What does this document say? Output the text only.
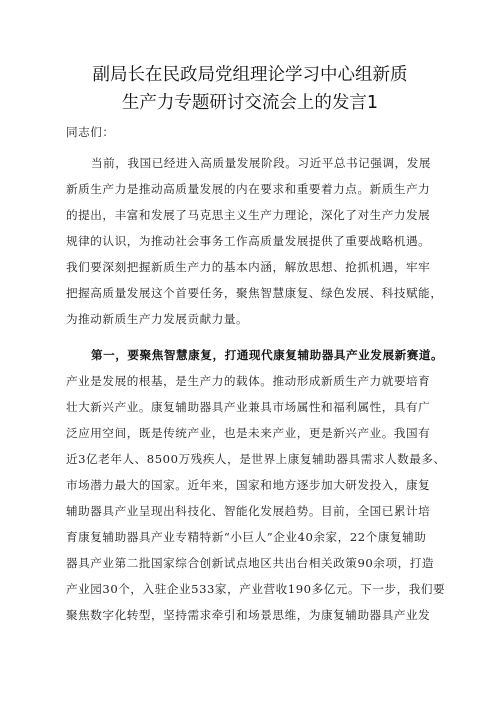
副局长在民政局党组理论学习中心组新质
生产力专题研讨交流会上的发言1
同志们：
当前，我国已经进入高质量发展阶段。习近平总书记强调，发展
新质生产力是推动高质量发展的内在要求和重要着力点。新质生产力
的提出，丰富和发展了马克思主义生产力理论，深化了对生产力发展
规律的认识，为推动社会事务工作高质量发展提供了重要战略机遇。
我们要深刻把握新质生产力的基本内涵，解放思想、抢抓机遇，牢牢
把握高质量发展这个首要任务，聚焦智慧康复、绿色发展、科技赋能，
为推动新质生产力发展贡献力量。
第一，要聚焦智慧康复，打通现代康复辅助器具产业发展新赛道。
产业是发展的根基，是生产力的载体。推动形成新质生产力就要培育
壮大新兴产业。康复辅助器具产业兼具市场属性和福利属性，具有广
泛应用空间，既是传统产业，也是未来产业，更是新兴产业。我国有
近3亿老年人、8500万残疾人，是世界上康复辅助器具需求人数最多、
市场潜力最大的国家。近年来，国家和地方逐步加大研发投入，康复
辅助器具产业呈现出科技化、智能化发展趋势。目前，全国已累计培
育康复辅助器具产业专精特新“小巨人”企业40余家，22个康复辅助
器具产业第二批国家综合创新试点地区共出台相关政策90余项，打造
产业园30个，入驻企业533家，产业营收190多亿元。下一步，我们要
聚焦数字化转型，坚持需求牵引和场景思维，为康复辅助器具产业发
